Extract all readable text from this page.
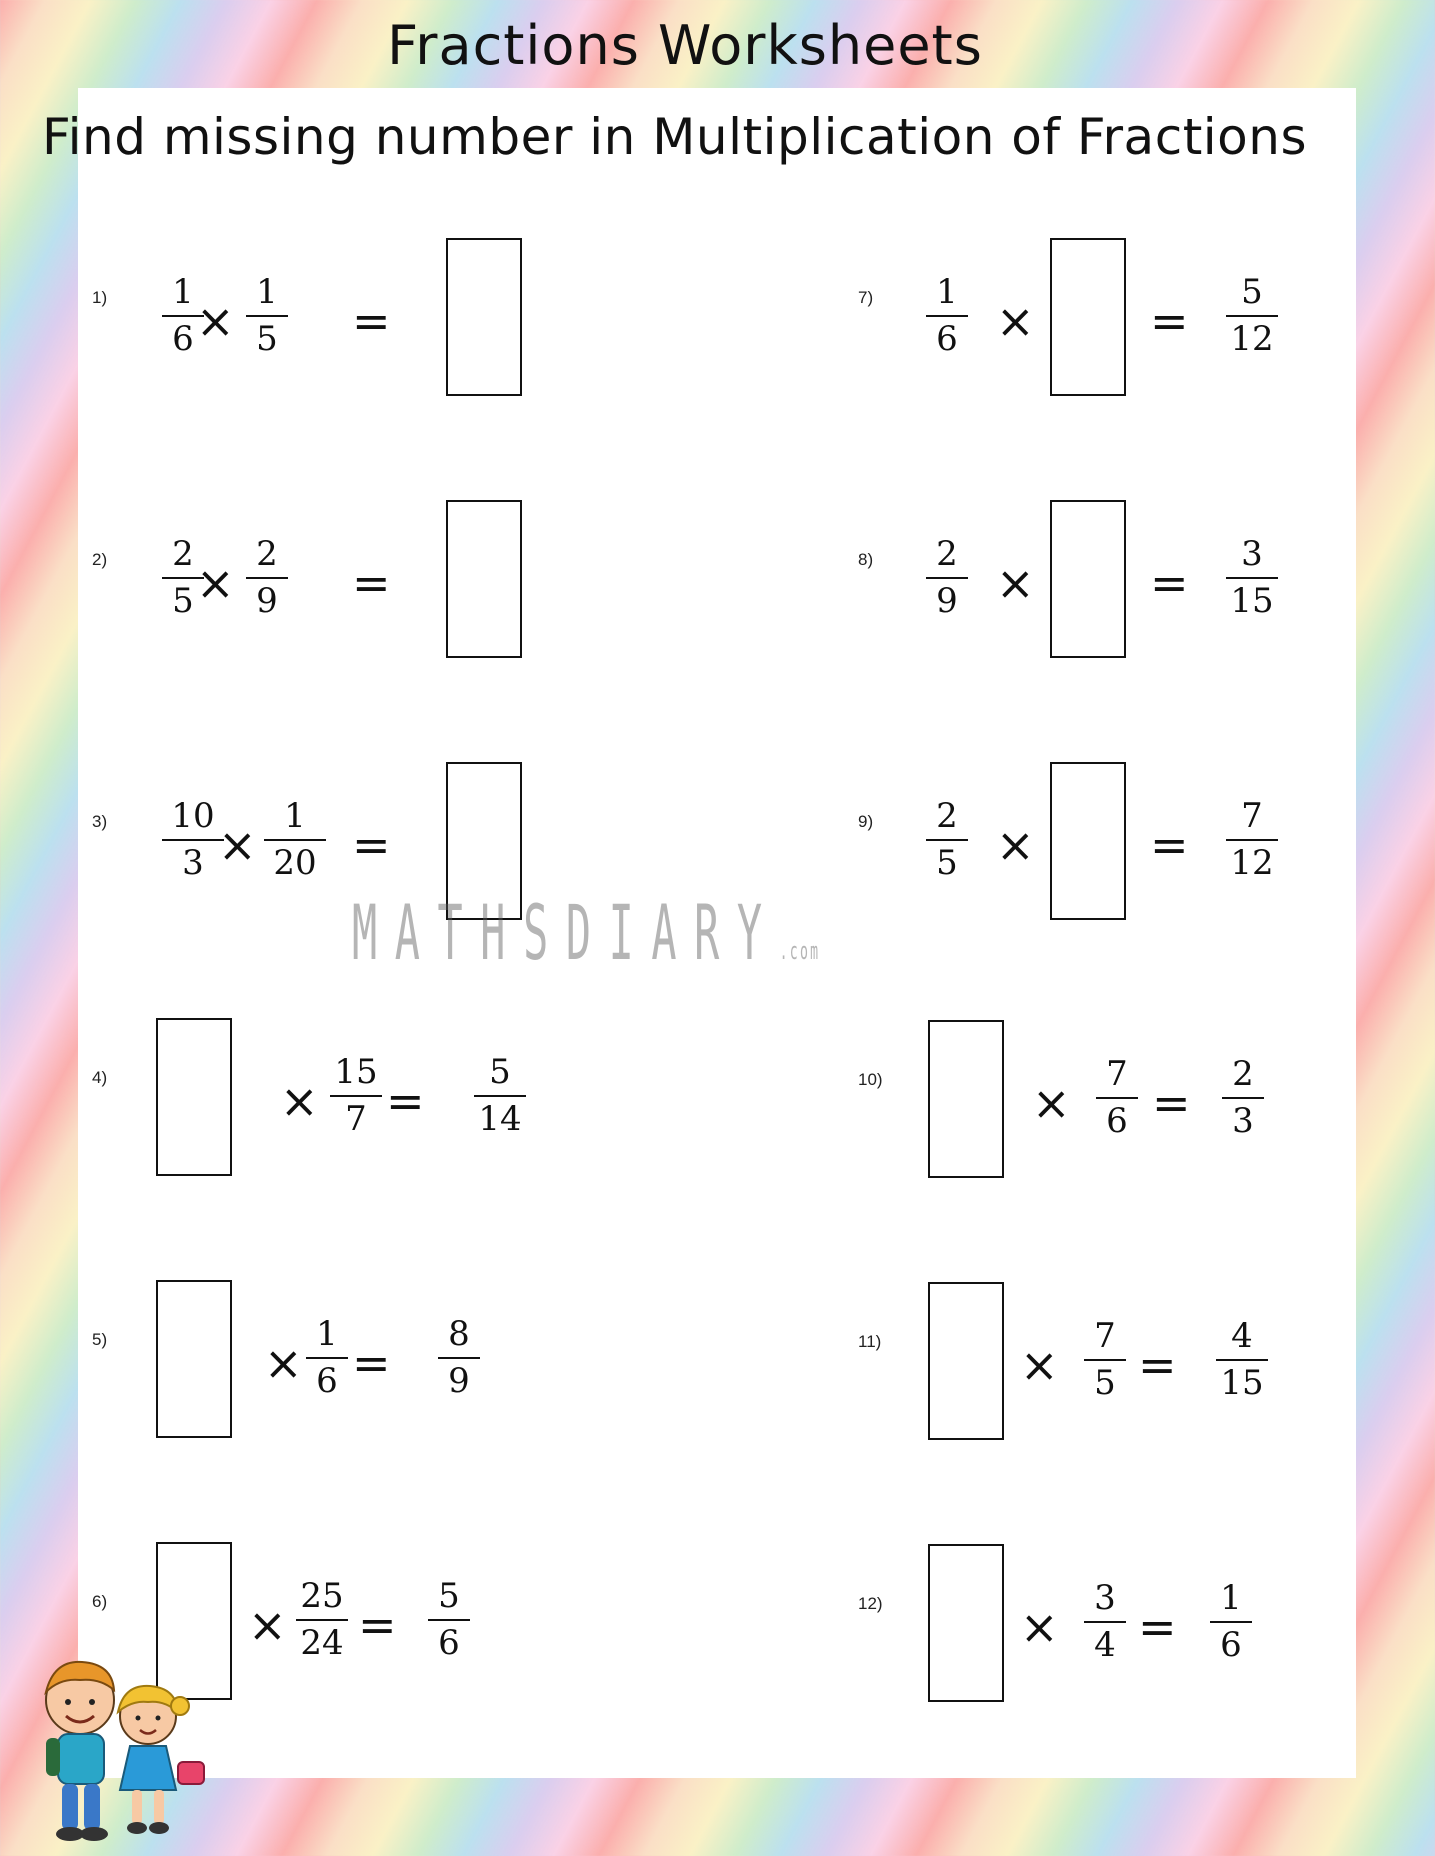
Fractions Worksheets
Find missing number in Multiplication of Fractions
1)	1
6 ×
1
5	=
2)	2
5 ×
2
9	=
3)	10
3 ×
1
20 =
4)	×
15
7 =
5
14
5)	×
1
6 =
8
9
6)	×
25
24 =
5
6
7)	1
6 ×	=
5
12
8)	2
9 ×	=
3
15
9)	2
5 ×	=
7
12
10)	×
7
6 =
2
3
11)	×
7
5 =
4
15
12)	×
3
4 =
1
6
MATHSDIARY.com
